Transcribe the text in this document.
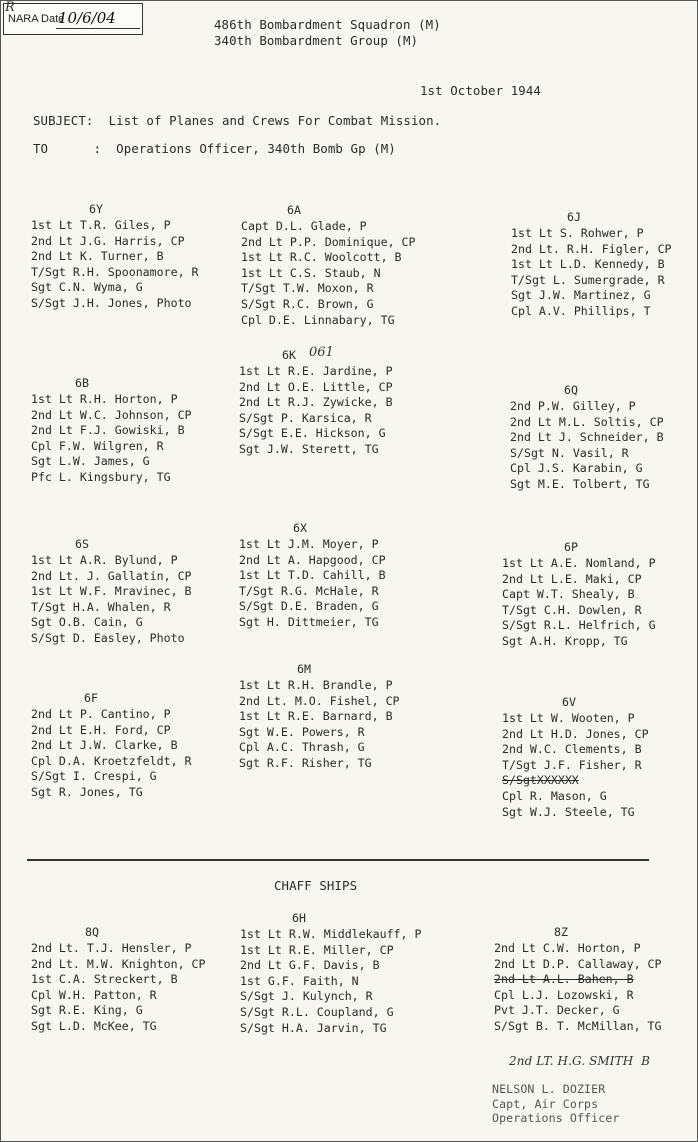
NARA Date
10/6/04
R
486th Bombardment Squadron (M)
340th Bombardment Group (M)
1st October 1944
SUBJECT:  List of Planes and Crews For Combat Mission.
TO      :  Operations Officer, 340th Bomb Gp (M)
6Y
1st Lt T.R. Giles, P
2nd Lt J.G. Harris, CP
2nd Lt K. Turner, B
T/Sgt R.H. Spoonamore, R
Sgt C.N. Wyma, G
S/Sgt J.H. Jones, Photo
6A
Capt D.L. Glade, P
2nd Lt P.P. Dominique, CP
1st Lt R.C. Woolcott, B
1st Lt C.S. Staub, N
T/Sgt T.W. Moxon, R
S/Sgt R.C. Brown, G
Cpl D.E. Linnabary, TG
6J
1st Lt S. Rohwer, P
2nd Lt. R.H. Figler, CP
1st Lt L.D. Kennedy, B
T/Sgt L. Sumergrade, R
Sgt J.W. Martinez, G
Cpl A.V. Phillips, T
6B
1st Lt R.H. Horton, P
2nd Lt W.C. Johnson, CP
2nd Lt F.J. Gowiski, B
Cpl F.W. Wilgren, R
Sgt L.W. James, G
Pfc L. Kingsbury, TG
6K 061
1st Lt R.E. Jardine, P
2nd Lt O.E. Little, CP
2nd Lt R.J. Zywicke, B
S/Sgt P. Karsica, R
S/Sgt E.E. Hickson, G
Sgt J.W. Sterett, TG
6Q
2nd P.W. Gilley, P
2nd Lt M.L. Soltis, CP
2nd Lt J. Schneider, B
S/Sgt N. Vasil, R
Cpl J.S. Karabin, G
Sgt M.E. Tolbert, TG
6S
1st Lt A.R. Bylund, P
2nd Lt. J. Gallatin, CP
1st Lt W.F. Mravinec, B
T/Sgt H.A. Whalen, R
Sgt O.B. Cain, G
S/Sgt D. Easley, Photo
6X
1st Lt J.M. Moyer, P
2nd Lt A. Hapgood, CP
1st Lt T.D. Cahill, B
T/Sgt R.G. McHale, R
S/Sgt D.E. Braden, G
Sgt H. Dittmeier, TG
6P
1st Lt A.E. Nomland, P
2nd Lt L.E. Maki, CP
Capt W.T. Shealy, B
T/Sgt C.H. Dowlen, R
S/Sgt R.L. Helfrich, G
Sgt A.H. Kropp, TG
6M
1st Lt R.H. Brandle, P
2nd Lt. M.O. Fishel, CP
1st Lt R.E. Barnard, B
Sgt W.E. Powers, R
Cpl A.C. Thrash, G
Sgt R.F. Risher, TG
6F
2nd Lt P. Cantino, P
2nd Lt E.H. Ford, CP
2nd Lt J.W. Clarke, B
Cpl D.A. Kroetzfeldt, R
S/Sgt I. Crespi, G
Sgt R. Jones, TG
6V
1st Lt W. Wooten, P
2nd Lt H.D. Jones, CP
2nd W.C. Clements, B
T/Sgt J.F. Fisher, R
S/SgtXXXXXX
Cpl R. Mason, G
Sgt W.J. Steele, TG
CHAFF SHIPS
6H
1st Lt R.W. Middlekauff, P
1st Lt R.E. Miller, CP
2nd Lt G.F. Davis, B
1st G.F. Faith, N
S/Sgt J. Kulynch, R
S/Sgt R.L. Coupland, G
S/Sgt H.A. Jarvin, TG
8Q
2nd Lt. T.J. Hensler, P
2nd Lt. M.W. Knighton, CP
1st C.A. Streckert, B
Cpl W.H. Patton, R
Sgt R.E. King, G
Sgt L.D. McKee, TG
8Z
2nd Lt C.W. Horton, P
2nd Lt D.P. Callaway, CP
2nd Lt A.L. Bahen, B
Cpl L.J. Lozowski, R
Pvt J.T. Decker, G
S/Sgt B. T. McMillan, TG
2nd LT. H.G. SMITH  B
NELSON L. DOZIER
Capt, Air Corps
Operations Officer
